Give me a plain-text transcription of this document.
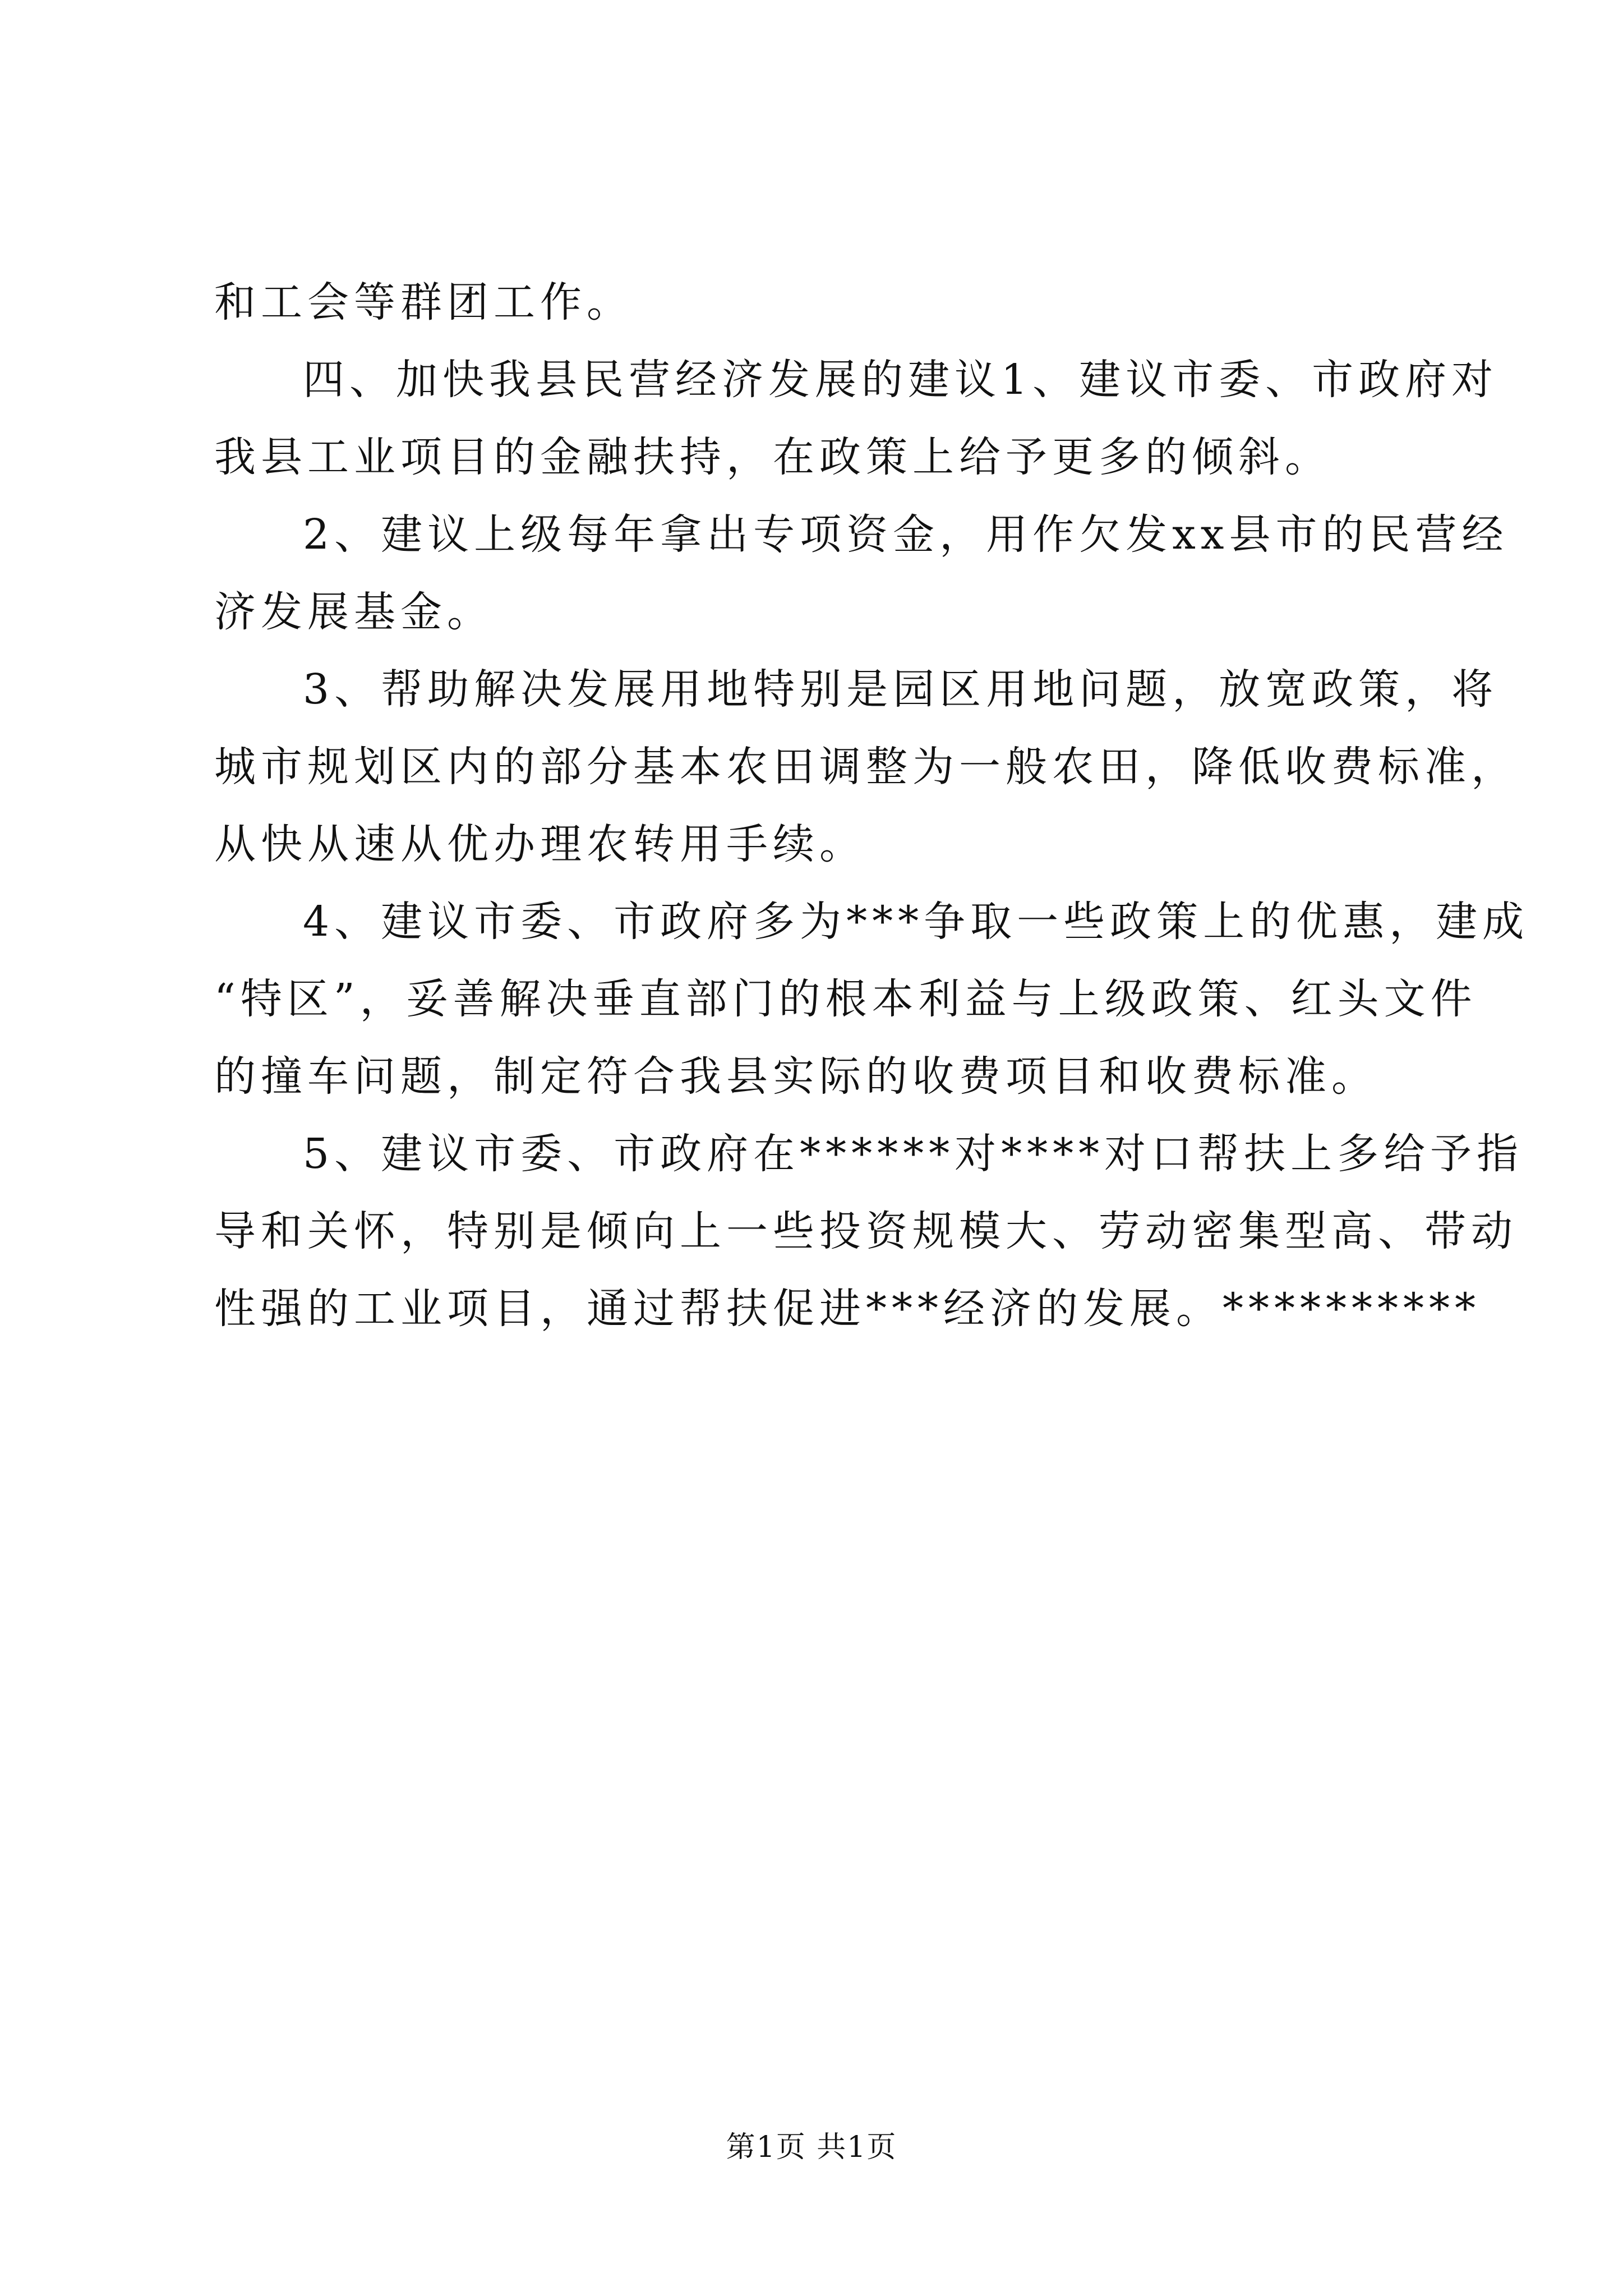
和工会等群团工作。
四、加快我县民营经济发展的建议1、建议市委、市政府对
我县工业项目的金融扶持，在政策上给予更多的倾斜。
2、建议上级每年拿出专项资金，用作欠发xx县市的民营经
济发展基金。
3、帮助解决发展用地特别是园区用地问题，放宽政策，将
城市规划区内的部分基本农田调整为一般农田，降低收费标准，
从快从速从优办理农转用手续。
4、建议市委、市政府多为***争取一些政策上的优惠，建成
“特区”，妥善解决垂直部门的根本利益与上级政策、红头文件
的撞车问题，制定符合我县实际的收费项目和收费标准。
5、建议市委、市政府在******对****对口帮扶上多给予指
导和关怀，特别是倾向上一些投资规模大、劳动密集型高、带动
性强的工业项目，通过帮扶促进***经济的发展。**********
第1页 共1页
